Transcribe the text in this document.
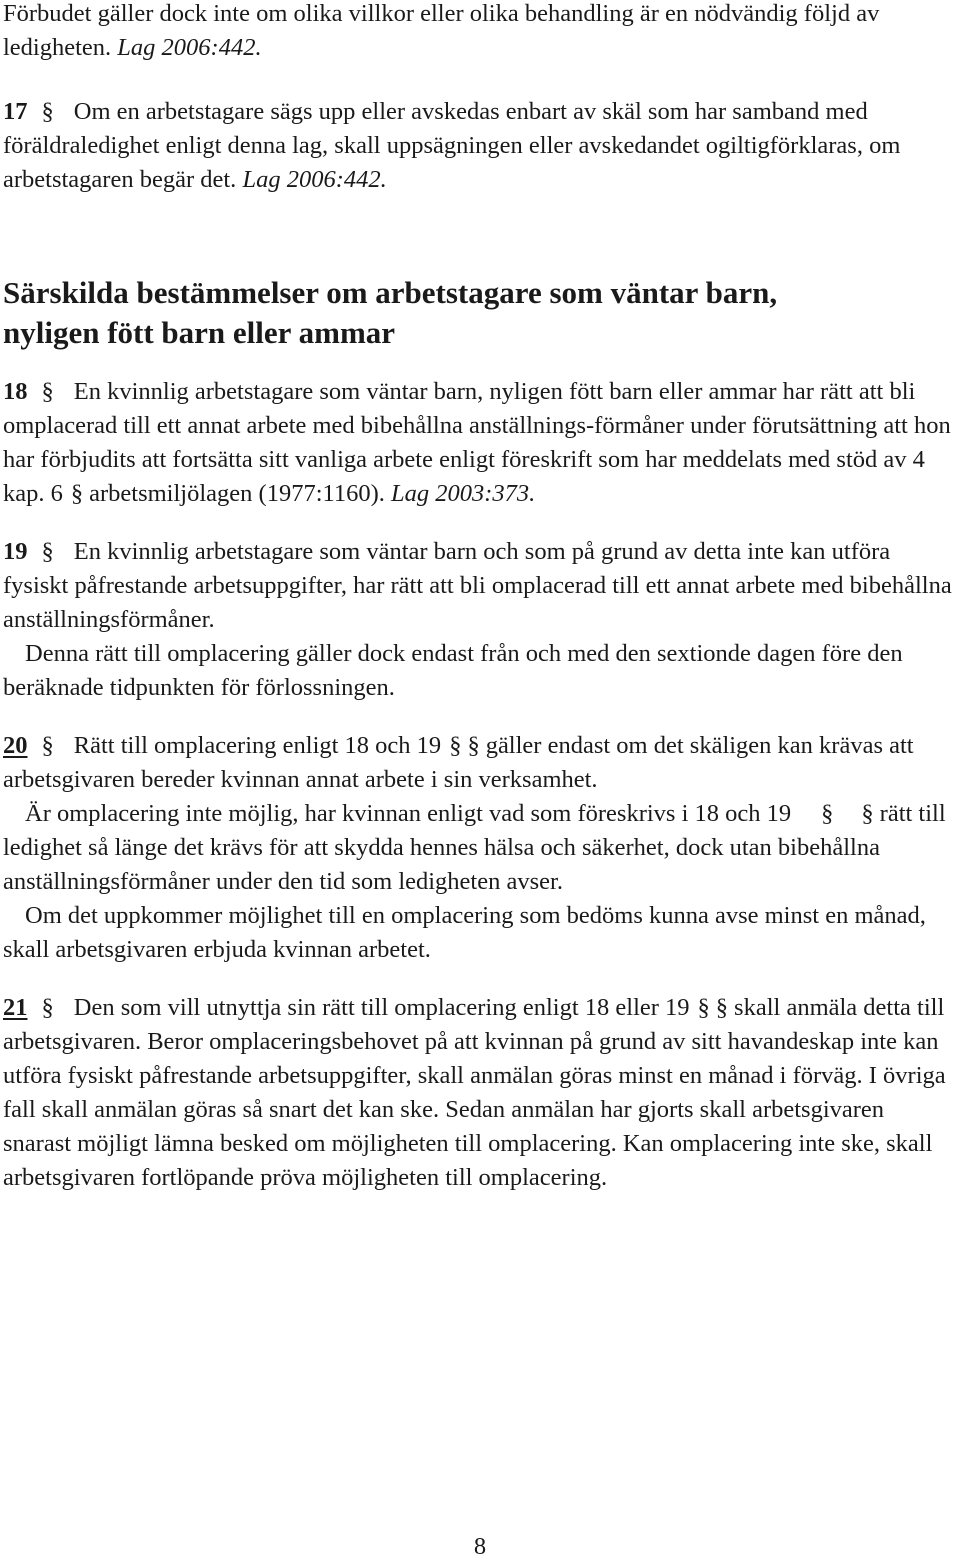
Förbudet gäller dock inte om olika villkor eller olika behandling är en nödvändig följd av ledigheten. Lag 2006:442.

17 § Om en arbetstagare sägs upp eller avskedas enbart av skäl som har samband med föräldraledighet enligt denna lag, skall uppsägningen eller avskedandet ogiltigförklaras, om arbetstagaren begär det. Lag 2006:442.

Särskilda bestämmelser om arbetstagare som väntar barn,
nyligen fött barn eller ammar

18 § En kvinnlig arbetstagare som väntar barn, nyligen fött barn eller ammar har rätt att bli omplacerad till ett annat arbete med bibehållna anställnings-förmåner under förutsättning att hon har förbjudits att fortsätta sitt vanliga arbete enligt föreskrift som har meddelats med stöd av 4 kap. 6 § arbetsmiljölagen (1977:1160). Lag 2003:373.

19 § En kvinnlig arbetstagare som väntar barn och som på grund av detta inte kan utföra fysiskt påfrestande arbetsuppgifter, har rätt att bli omplacerad till ett annat arbete med bibehållna anställningsförmåner.

Denna rätt till omplacering gäller dock endast från och med den sextionde dagen före den beräknade tidpunkten för förlossningen.

20 § Rätt till omplacering enligt 18 och 19 § § gäller endast om det skäligen kan krävas att arbetsgivaren bereder kvinnan annat arbete i sin verksamhet.

Är omplacering inte möjlig, har kvinnan enligt vad som föreskrivs i 18 och 19 § § rätt till ledighet så länge det krävs för att skydda hennes hälsa och säkerhet, dock utan bibehållna anställningsförmåner under den tid som ledigheten avser.

Om det uppkommer möjlighet till en omplacering som bedöms kunna avse minst en månad, skall arbetsgivaren erbjuda kvinnan arbetet.

21 § Den som vill utnyttja sin rätt till omplacering enligt 18 eller 19 § § skall anmäla detta till arbetsgivaren. Beror omplaceringsbehovet på att kvinnan på grund av sitt havandeskap inte kan utföra fysiskt påfrestande arbetsuppgifter, skall anmälan göras minst en månad i förväg. I övriga fall skall anmälan göras så snart det kan ske. Sedan anmälan har gjorts skall arbetsgivaren snarast möjligt lämna besked om möjligheten till omplacering. Kan omplacering inte ske, skall arbetsgivaren fortlöpande pröva möjligheten till omplacering.

8
